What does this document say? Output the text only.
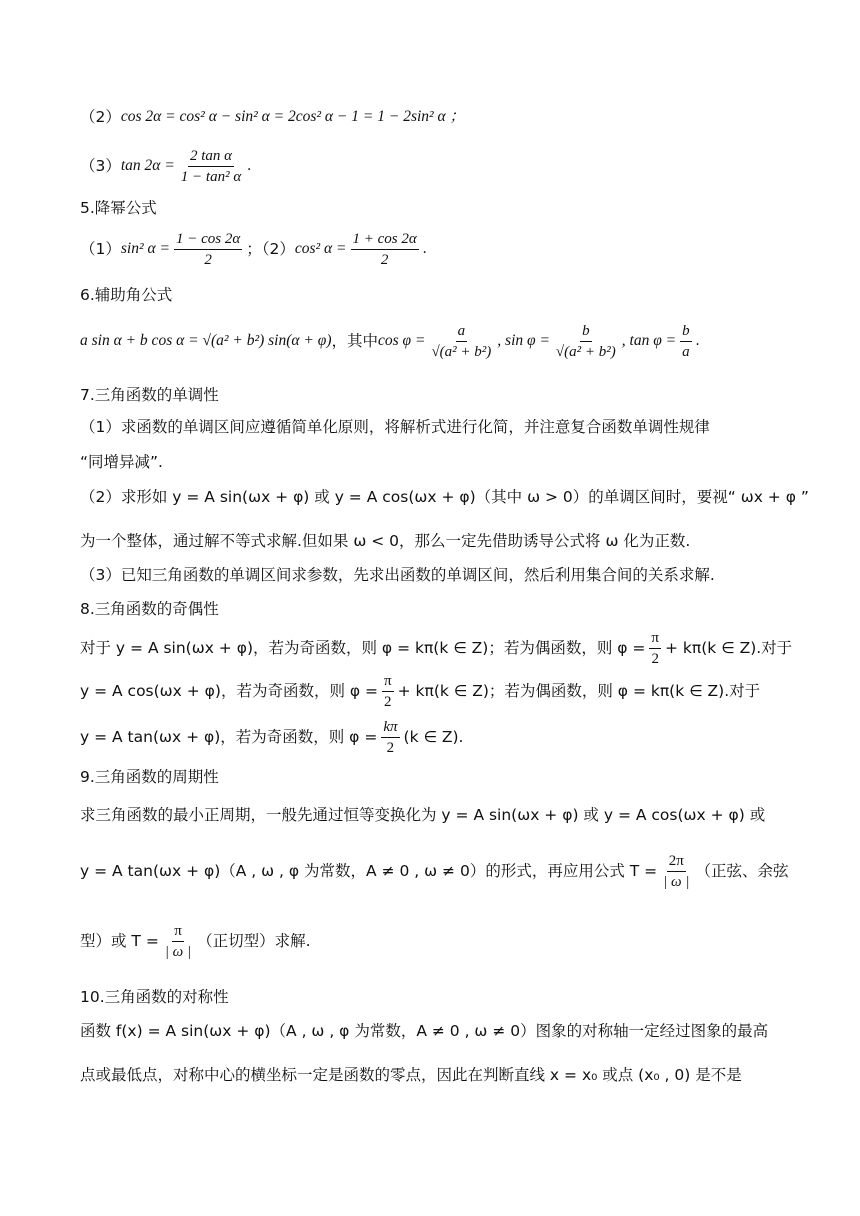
（2） cos 2α = cos² α − sin² α = 2cos² α − 1 = 1 − 2sin² α ；
（3） $\tan 2\alpha = \frac{\text{2 tan α}}{\text{1 − tan² α}}$ .
5.降幂公式
（1） sin² $\alpha = \frac{1 - \cos 2\alpha}{2}$ ；（2） cos² $\alpha = \frac{1 + \cos 2\alpha}{2}$ .
6.辅助角公式
a sin α + b cos α = √(a² + b²) sin(α + φ) ，其中 $\cos \varphi = \frac{a}{\text{√(a² + b²)}}$ , $\sin \varphi = \frac{b}{\text{√(a² + b²)}}$ , $\tan \varphi = \frac{b}{a}$ .
7.三角函数的单调性
（1）求函数的单调区间应遵循简单化原则，将解析式进行化简，并注意复合函数单调性规律
“同增异减”.
（2）求形如 y = A sin(ωx + φ) 或 y = A cos(ωx + φ)（其中 ω > 0）的单调区间时，要视“ ωx + φ ”
为一个整体，通过解不等式求解.但如果 ω < 0，那么一定先借助诱导公式将 ω 化为正数.
（3）已知三角函数的单调区间求参数，先求出函数的单调区间，然后利用集合间的关系求解.
8.三角函数的奇偶性
对于 y = A sin(ωx + φ)，若为奇函数，则 φ = kπ(k ∈ Z)；若为偶函数，则 $\varphi = \frac{\pi}{2} + k\pi(k$ ∈ Z).对于
y = A cos(ωx + φ)，若为奇函数，则 $\varphi = \frac{\pi}{2} + k\pi(k$ ∈ Z)；若为偶函数，则 φ = kπ(k ∈ Z).对于
y = A tan(ωx + φ)，若为奇函数，则 $\varphi = \frac{k\pi}{2} (k$ ∈ Z).
9.三角函数的周期性
求三角函数的最小正周期，一般先通过恒等变换化为 y = A sin(ωx + φ) 或 y = A cos(ωx + φ) 或
y = A tan(ωx + φ)（A , ω , φ 为常数，A ≠ 0 , ω ≠ 0）的形式，再应用公式 $T = \frac{2\pi}{| \omega |}$ （正弦、余弦
型）或 $T = \frac{\pi}{| \omega |}$ （正切型）求解.
10.三角函数的对称性
函数 f(x) = A sin(ωx + φ)（A , ω , φ 为常数，A ≠ 0 , ω ≠ 0）图象的对称轴一定经过图象的最高
点或最低点，对称中心的横坐标一定是函数的零点，因此在判断直线 x = x₀ 或点 (x₀ , 0) 是不是
